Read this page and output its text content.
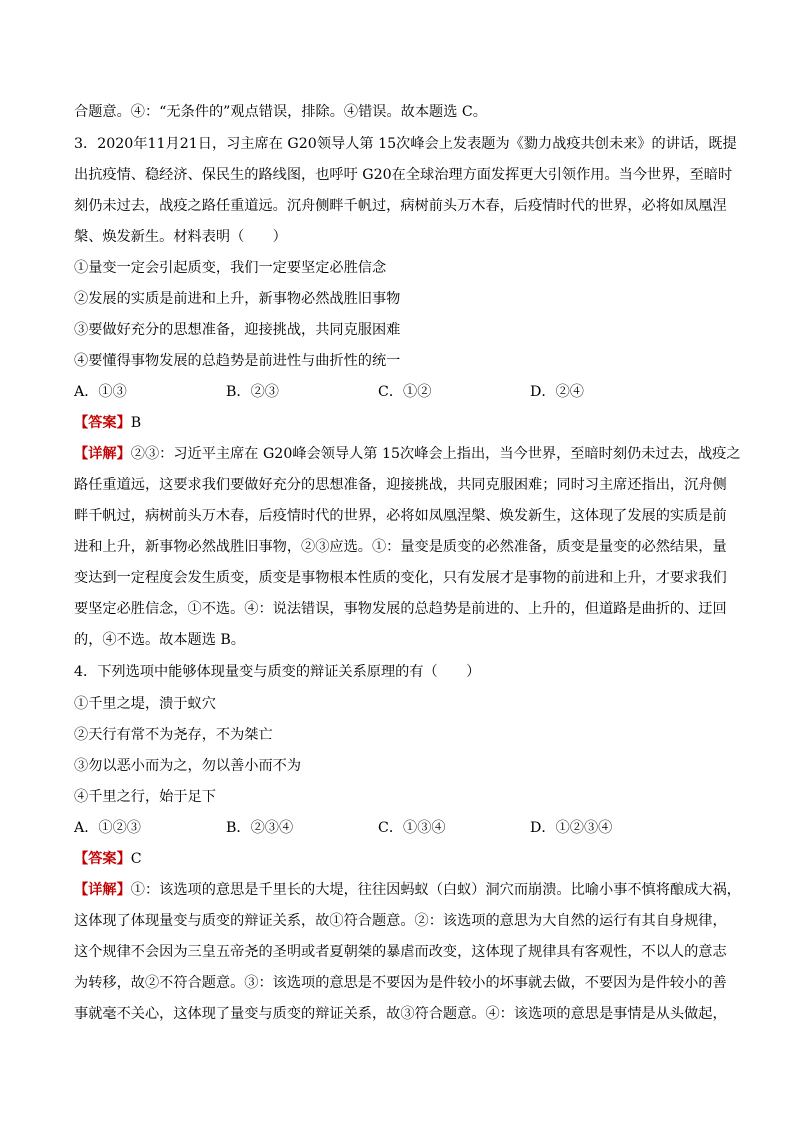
合题意。④：“无条件的”观点错误，排除。④错误。故本题选 C。
3．2020年11月21日，习主席在 G20领导人第 15次峰会上发表题为《勠力战疫共创未来》的讲话，既提
出抗疫情、稳经济、保民生的路线图，也呼吁 G20在全球治理方面发挥更大引领作用。当今世界，至暗时
刻仍未过去，战疫之路任重道远。沉舟侧畔千帆过，病树前头万木春，后疫情时代的世界，必将如凤凰涅
槃、焕发新生。材料表明（　　）
①量变一定会引起质变，我们一定要坚定必胜信念
②发展的实质是前进和上升，新事物必然战胜旧事物
③要做好充分的思想准备，迎接挑战，共同克服困难
④要懂得事物发展的总趋势是前进性与曲折性的统一
A．①③	B．②③	C．①②	D．②④
【答案】B
【详解】②③：习近平主席在 G20峰会领导人第 15次峰会上指出，当今世界，至暗时刻仍未过去，战疫之
路任重道远，这要求我们要做好充分的思想准备，迎接挑战，共同克服困难；同时习主席还指出，沉舟侧
畔千帆过，病树前头万木春，后疫情时代的世界，必将如凤凰涅槃、焕发新生，这体现了发展的实质是前
进和上升，新事物必然战胜旧事物，②③应选。①：量变是质变的必然准备，质变是量变的必然结果，量
变达到一定程度会发生质变，质变是事物根本性质的变化，只有发展才是事物的前进和上升，才要求我们
要坚定必胜信念，①不选。④：说法错误，事物发展的总趋势是前进的、上升的，但道路是曲折的、迂回
的，④不选。故本题选 B。
4．下列选项中能够体现量变与质变的辩证关系原理的有（　　）
①千里之堤，溃于蚁穴
②天行有常不为尧存，不为桀亡
③勿以恶小而为之，勿以善小而不为
④千里之行，始于足下
A．①②③	B．②③④	C．①③④	D．①②③④
【答案】C
【详解】①：该选项的意思是千里长的大堤，往往因蚂蚁（白蚁）洞穴而崩溃。比喻小事不慎将酿成大祸，
这体现了体现量变与质变的辩证关系，故①符合题意。②：该选项的意思为大自然的运行有其自身规律，
这个规律不会因为三皇五帝尧的圣明或者夏朝桀的暴虐而改变，这体现了规律具有客观性，不以人的意志
为转移，故②不符合题意。③：该选项的意思是不要因为是件较小的坏事就去做，不要因为是件较小的善
事就毫不关心，这体现了量变与质变的辩证关系，故③符合题意。④：该选项的意思是事情是从头做起，
